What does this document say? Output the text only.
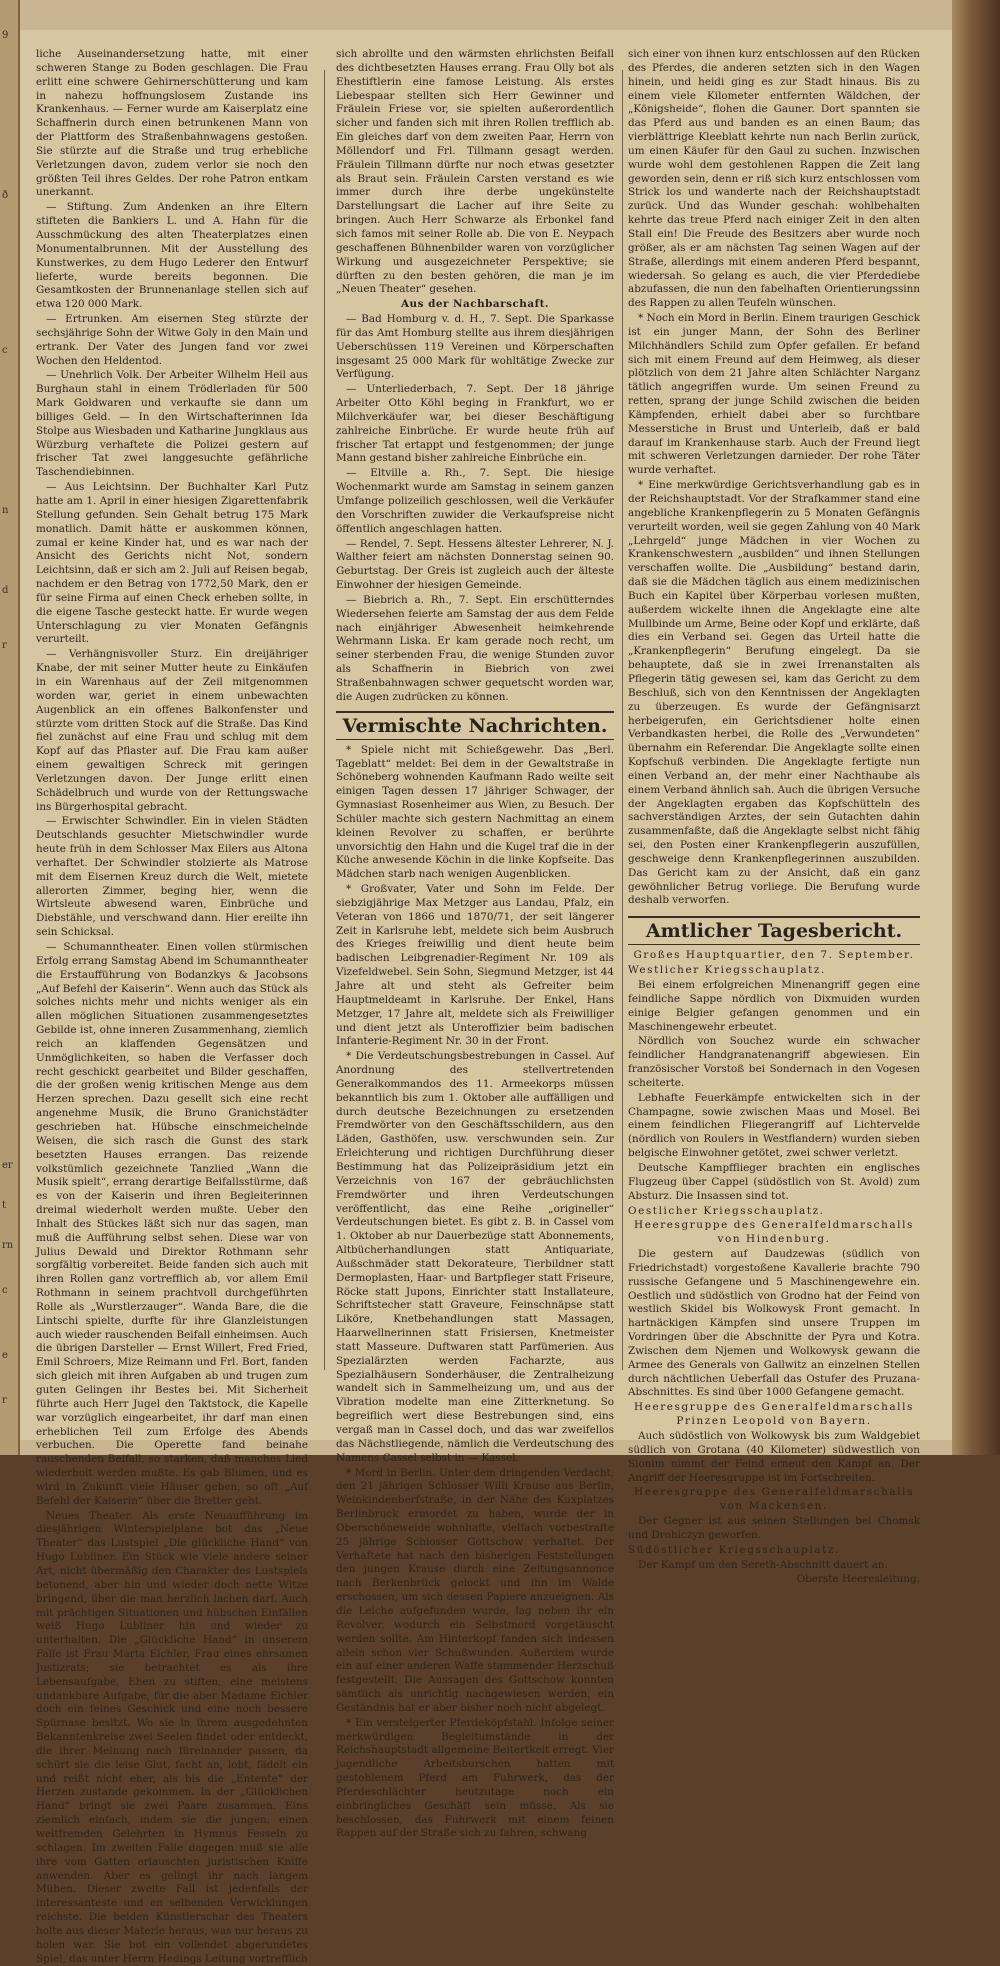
9
ð
c
n
d
r
er
t
rn
c
e
r

liche Auseinandersetzung hatte, mit einer schweren Stange zu Boden geschlagen. Die Frau erlitt eine schwere Gehirnerschütterung und kam in nahezu hoffnungslosem Zustande ins Krankenhaus. — Ferner wurde am Kaiserplatz eine Schaffnerin durch einen betrunkenen Mann von der Plattform des Straßenbahnwagens gestoßen. Sie stürzte auf die Straße und trug erhebliche Verletzungen davon, zudem verlor sie noch den größten Teil ihres Geldes. Der rohe Patron entkam unerkannt.

— Stiftung. Zum Andenken an ihre Eltern stifteten die Bankiers L. und A. Hahn für die Ausschmückung des alten Theaterplatzes einen Monumentalbrunnen. Mit der Ausstellung des Kunstwerkes, zu dem Hugo Lederer den Entwurf lieferte, wurde bereits begonnen. Die Gesamtkosten der Brunnenanlage stellen sich auf etwa 120 000 Mark.

— Ertrunken. Am eisernen Steg stürzte der sechsjährige Sohn der Witwe Goly in den Main und ertrank. Der Vater des Jungen fand vor zwei Wochen den Heldentod.

— Unehrlich Volk. Der Arbeiter Wilhelm Heil aus Burghaun stahl in einem Trödlerladen für 500 Mark Goldwaren und verkaufte sie dann um billiges Geld. — In den Wirtschafterinnen Ida Stolpe aus Wiesbaden und Katharine Jungklaus aus Würzburg verhaftete die Polizei gestern auf frischer Tat zwei langgesuchte gefährliche Taschendiebinnen.

— Aus Leichtsinn. Der Buchhalter Karl Putz hatte am 1. April in einer hiesigen Zigarettenfabrik Stellung gefunden. Sein Gehalt betrug 175 Mark monatlich. Damit hätte er auskommen können, zumal er keine Kinder hat, und es war nach der Ansicht des Gerichts nicht Not, sondern Leichtsinn, daß er sich am 2. Juli auf Reisen begab, nachdem er den Betrag von 1772,50 Mark, den er für seine Firma auf einen Check erheben sollte, in die eigene Tasche gesteckt hatte. Er wurde wegen Unterschlagung zu vier Monaten Gefängnis verurteilt.

— Verhängnisvoller Sturz. Ein dreijähriger Knabe, der mit seiner Mutter heute zu Einkäufen in ein Warenhaus auf der Zeil mitgenommen worden war, geriet in einem unbewachten Augenblick an ein offenes Balkonfenster und stürzte vom dritten Stock auf die Straße. Das Kind fiel zunächst auf eine Frau und schlug mit dem Kopf auf das Pflaster auf. Die Frau kam außer einem gewaltigen Schreck mit geringen Verletzungen davon. Der Junge erlitt einen Schädelbruch und wurde von der Rettungswache ins Bürgerhospital gebracht.

— Erwischter Schwindler. Ein in vielen Städten Deutschlands gesuchter Mietschwindler wurde heute früh in dem Schlosser Max Eilers aus Altona verhaftet. Der Schwindler stolzierte als Matrose mit dem Eisernen Kreuz durch die Welt, mietete allerorten Zimmer, beging hier, wenn die Wirtsleute abwesend waren, Einbrüche und Diebstähle, und verschwand dann. Hier ereilte ihn sein Schicksal.

— Schumanntheater. Einen vollen stürmischen Erfolg errang Samstag Abend im Schumanntheater die Erstaufführung von Bodanzkys & Jacobsons „Auf Befehl der Kaiserin“. Wenn auch das Stück als solches nichts mehr und nichts weniger als ein allen möglichen Situationen zusammengesetztes Gebilde ist, ohne inneren Zusammenhang, ziemlich reich an klaffenden Gegensätzen und Unmöglichkeiten, so haben die Verfasser doch recht geschickt gearbeitet und Bilder geschaffen, die der großen wenig kritischen Menge aus dem Herzen sprechen. Dazu gesellt sich eine recht angenehme Musik, die Bruno Granichstädter geschrieben hat. Hübsche einschmeichelnde Weisen, die sich rasch die Gunst des stark besetzten Hauses errangen. Das reizende volkstümlich gezeichnete Tanzlied „Wann die Musik spielt“, errang derartige Beifallsstürme, daß es von der Kaiserin und ihren Begleiterinnen dreimal wiederholt werden mußte. Ueber den Inhalt des Stückes läßt sich nur das sagen, man muß die Aufführung selbst sehen. Diese war von Julius Dewald und Direktor Rothmann sehr sorgfältig vorbereitet. Beide fanden sich auch mit ihren Rollen ganz vortrefflich ab, vor allem Emil Rothmann in seinem prachtvoll durchgeführten Rolle als „Wurstlerzauger“. Wanda Bare, die die Lintschi spielte, durfte für ihre Glanzleistungen auch wieder rauschenden Beifall einheimsen. Auch die übrigen Darsteller — Ernst Willert, Fred Fried, Emil Schroers, Mize Reimann und Frl. Bort, fanden sich gleich mit ihren Aufgaben ab und trugen zum guten Gelingen ihr Bestes bei. Mit Sicherheit führte auch Herr Jugel den Taktstock, die Kapelle war vorzüglich eingearbeitet, ihr darf man einen erheblichen Teil zum Erfolge des Abends verbuchen. Die Operette fand beinahe rauschenden Beifall, so starken, daß manches Lied wiederholt werden mußte. Es gab Blumen, und es wird in Zukunft viele Häuser geben, so oft „Auf Befehl der Kaiserin“ über die Bretter geht.

Neues Theater. Als erste Neuaufführung im diesjährigen Winterspielplane bot das „Neue Theater“ das Lustspiel „Die glückliche Hand“ von Hugo Lubliner. Ein Stück wie viele andere seiner Art, nicht übermäßig den Charakter des Lustspiels betonend, aber hin und wieder doch nette Witze bringend, über die man herzlich lachen darf. Auch mit prächtigen Situationen und hübschen Einfällen weiß Hugo Lubliner hin und wieder zu unterhalten. Die „Glückliche Hand“ in unserem Falle ist Frau Marta Eichler, Frau eines ehrsamen Justizrats; sie betrachtet es als ihre Lebensaufgabe, Ehen zu stiften, eine meistens undankbare Aufgabe, für die aber Madame Eichler doch ein feines Geschick und eine noch bessere Spürnase besitzt. Wo sie in ihrem ausgedehnten Bekanntenkreise zwei Seelen findet oder entdeckt, die ihrer Meinung nach füreinander passen, da schürt sie die leise Glut, facht an, lobt, fädelt ein und reißt nicht eher, als bis die „Entente“ der Herzen zustande gekommen. In der „Glücklichen Hand“ bringt sie zwei Paare zusammen. Eins ziemlich einfach, indem sie die jungen, einen weltfremden Gelehrten in Hymnus Fesseln zu schlagen. Im zweiten Falle dagegen muß sie alle ihre vom Gatten erlauschten juristischen Kniffe anwenden. Aber es gelingt ihr nach langem Mühen. Dieser zweite Fall ist jedenfalls der interessanteste und en selbenden Verwicklungen reichste. Die beiden Künstlerschar des Theaters holte aus dieser Materie heraus, was nur heraus zu holen war. Sie bot ein vollendet abgerundetes Spiel, das unter Herrn Hedings Leitung vortrefflich

sich abrollte und den wärmsten ehrlichsten Beifall des dichtbesetzten Hauses errang. Frau Olly bot als Ehestiftlerin eine famose Leistung. Als erstes Liebespaar stellten sich Herr Gewinner und Fräulein Friese vor, sie spielten außerordentlich sicher und fanden sich mit ihren Rollen trefflich ab. Ein gleiches darf von dem zweiten Paar, Herrn von Möllendorf und Frl. Tillmann gesagt werden. Fräulein Tillmann dürfte nur noch etwas gesetzter als Braut sein. Fräulein Carsten verstand es wie immer durch ihre derbe ungekünstelte Darstellungsart die Lacher auf ihre Seite zu bringen. Auch Herr Schwarze als Erbonkel fand sich famos mit seiner Rolle ab. Die von E. Neypach geschaffenen Bühnenbilder waren von vorzüglicher Wirkung und ausgezeichneter Perspektive; sie dürften zu den besten gehören, die man je im „Neuen Theater“ gesehen.

Aus der Nachbarschaft.

— Bad Homburg v. d. H., 7. Sept. Die Sparkasse für das Amt Homburg stellte aus ihrem diesjährigen Ueberschüssen 119 Vereinen und Körperschaften insgesamt 25 000 Mark für wohltätige Zwecke zur Verfügung.

— Unterliederbach, 7. Sept. Der 18 jährige Arbeiter Otto Köhl beging in Frankfurt, wo er Milchverkäufer war, bei dieser Beschäftigung zahlreiche Einbrüche. Er wurde heute früh auf frischer Tat ertappt und festgenommen; der junge Mann gestand bisher zahlreiche Einbrüche ein.

— Eltville a. Rh., 7. Sept. Die hiesige Wochenmarkt wurde am Samstag in seinem ganzen Umfange polizeilich geschlossen, weil die Verkäufer den Vorschriften zuwider die Verkaufspreise nicht öffentlich angeschlagen hatten.

— Rendel, 7. Sept. Hessens ältester Lehrerer, N. J. Walther feiert am nächsten Donnerstag seinen 90. Geburtstag. Der Greis ist zugleich auch der älteste Einwohner der hiesigen Gemeinde.

— Biebrich a. Rh., 7. Sept. Ein erschütterndes Wiedersehen feierte am Samstag der aus dem Felde nach einjähriger Abwesenheit heimkehrende Wehrmann Liska. Er kam gerade noch recht, um seiner sterbenden Frau, die wenige Stunden zuvor als Schaffnerin in Biebrich von zwei Straßenbahnwagen schwer gequetscht worden war, die Augen zudrücken zu können.

Vermischte Nachrichten.

* Spiele nicht mit Schießgewehr. Das „Berl. Tageblatt“ meldet: Bei dem in der Gewaltstraße in Schöneberg wohnenden Kaufmann Rado weilte seit einigen Tagen dessen 17 jähriger Schwager, der Gymnasiast Rosenheimer aus Wien, zu Besuch. Der Schüler machte sich gestern Nachmittag an einem kleinen Revolver zu schaffen, er berührte unvorsichtig den Hahn und die Kugel traf die in der Küche anwesende Köchin in die linke Kopfseite. Das Mädchen starb nach wenigen Augenblicken.

* Großvater, Vater und Sohn im Felde. Der siebzigjährige Max Metzger aus Landau, Pfalz, ein Veteran von 1866 und 1870/71, der seit längerer Zeit in Karlsruhe lebt, meldete sich beim Ausbruch des Krieges freiwillig und dient heute beim badischen Leibgrenadier-Regiment Nr. 109 als Vizefeldwebel. Sein Sohn, Siegmund Metzger, ist 44 Jahre alt und steht als Gefreiter beim Hauptmeldeamt in Karlsruhe. Der Enkel, Hans Metzger, 17 Jahre alt, meldete sich als Freiwilliger und dient jetzt als Unteroffizier beim badischen Infanterie-Regiment Nr. 30 in der Front.

* Die Verdeutschungsbestrebungen in Cassel. Auf Anordnung des stellvertretenden Generalkommandos des 11. Armeekorps müssen bekanntlich bis zum 1. Oktober alle auffälligen und durch deutsche Bezeichnungen zu ersetzenden Fremdwörter von den Geschäftsschildern, aus den Läden, Gasthöfen, usw. verschwunden sein. Zur Erleichterung und richtigen Durchführung dieser Bestimmung hat das Polizeipräsidium jetzt ein Verzeichnis von 167 der gebräuchlichsten Fremdwörter und ihren Verdeutschungen veröffentlicht, das eine Reihe „origineller“ Verdeutschungen bietet. Es gibt z. B. in Cassel vom 1. Oktober ab nur Dauerbezüge statt Abonnements, Altbücherhandlungen statt Antiquariate, Außschmäder statt Dekorateure, Tierbildner statt Dermoplasten, Haar- und Bartpfleger statt Friseure, Röcke statt Jupons, Einrichter statt Installateure, Schriftstecher statt Graveure, Feinschnäpse statt Liköre, Knetbehandlungen statt Massagen, Haarwellnerinnen statt Frisiersen, Knetmeister statt Masseure. Duftwaren statt Parfümerien. Aus Spezialärzten werden Facharzte, aus Spezialhäusern Sonderhäuser, die Zentralheizung wandelt sich in Sammelheizung um, und aus der Vibration modelte man eine Zitterknetung. So begreiflich wert diese Bestrebungen sind, eins vergaß man in Cassel doch, und das war zweifellos das Nächstliegende, nämlich die Verdeutschung des Namens Cassel selbst in — Kassel.

* Mord in Berlin. Unter dem dringenden Verdacht, den 21 jährigen Schlosser Willi Krause aus Berlin, Weinkindenberfstraße, in der Nähe des Kuxplatzes Berlinbruck ermordet zu haben, wurde der in Oberschöneweide wohnhafte, vielfach vorbestrafte 25 jährige Schlosser Gottschow verhaftet. Der Verhaftete hat nach den bisherigen Feststellungen den jungen Krause durch eine Zeitungsannonce nach Berkenbrück gelockt und ihn im Walde erschossen, um sich dessen Papiere anzueignen. Als die Leiche aufgefunden wurde, lag neben ihr ein Revolver, wodurch ein Selbstmord vorgetäuscht werden sollte. Am Hinterkopf fanden sich indessen allein schon vier Schußwunden. Außerdem wurde ein auf einer anderen Waffe stammender Herzschuß festgestellt. Die Aussagen des Gottschow konnten sämtlich als unrichtig nachgewiesen werden, ein Geständnis hat er aber bisher noch nicht abgelegt.

* Ein versteigerter Pferdeköpfstahl. Infolge seiner merkwürdigen Begleitumstände in der Reichshauptstadt allgemeine Beitertkeit erregt. Vier jugendliche Arbeitsburschen hatten mit gestohlenem Pferd am Fuhrwerk, das der Pferdeschlächter heutzutage noch ein einbringliches Geschäft sein müsse. Als sie beschlossen, das Fuhrwerk mit einem feinen Rappen auf der Straße sich zu fahren, schwang

sich einer von ihnen kurz entschlossen auf den Rücken des Pferdes, die anderen setzten sich in den Wagen hinein, und heidi ging es zur Stadt hinaus. Bis zu einem viele Kilometer entfernten Wäldchen, der „Königsheide“, flohen die Gauner. Dort spannten sie das Pferd aus und banden es an einen Baum; das vierblättrige Kleeblatt kehrte nun nach Berlin zurück, um einen Käufer für den Gaul zu suchen. Inzwischen wurde wohl dem gestohlenen Rappen die Zeit lang geworden sein, denn er riß sich kurz entschlossen vom Strick los und wanderte nach der Reichshauptstadt zurück. Und das Wunder geschah: wohlbehalten kehrte das treue Pferd nach einiger Zeit in den alten Stall ein! Die Freude des Besitzers aber wurde noch größer, als er am nächsten Tag seinen Wagen auf der Straße, allerdings mit einem anderen Pferd bespannt, wiedersah. So gelang es auch, die vier Pferdediebe abzufassen, die nun den fabelhaften Orientierungssinn des Rappen zu allen Teufeln wünschen.

* Noch ein Mord in Berlin. Einem traurigen Geschick ist ein junger Mann, der Sohn des Berliner Milchhändlers Schild zum Opfer gefallen. Er befand sich mit einem Freund auf dem Heimweg, als dieser plötzlich von dem 21 Jahre alten Schlächter Narganz tätlich angegriffen wurde. Um seinen Freund zu retten, sprang der junge Schild zwischen die beiden Kämpfenden, erhielt dabei aber so furchtbare Messerstiche in Brust und Unterleib, daß er bald darauf im Krankenhause starb. Auch der Freund liegt mit schweren Verletzungen darnieder. Der rohe Täter wurde verhaftet.

* Eine merkwürdige Gerichtsverhandlung gab es in der Reichshauptstadt. Vor der Strafkammer stand eine angebliche Krankenpflegerin zu 5 Monaten Gefängnis verurteilt worden, weil sie gegen Zahlung von 40 Mark „Lehrgeld“ junge Mädchen in vier Wochen zu Krankenschwestern „ausbilden“ und ihnen Stellungen verschaffen wollte. Die „Ausbildung“ bestand darin, daß sie die Mädchen täglich aus einem medizinischen Buch ein Kapitel über Körperbau vorlesen mußten, außerdem wickelte ihnen die Angeklagte eine alte Mullbinde um Arme, Beine oder Kopf und erklärte, daß dies ein Verband sei. Gegen das Urteil hatte die „Krankenpflegerin“ Berufung eingelegt. Da sie behauptete, daß sie in zwei Irrenanstalten als Pflegerin tätig gewesen sei, kam das Gericht zu dem Beschluß, sich von den Kenntnissen der Angeklagten zu überzeugen. Es wurde der Gefängnisarzt herbeigerufen, ein Gerichtsdiener holte einen Verbandkasten herbei, die Rolle des „Verwundeten“ übernahm ein Referendar. Die Angeklagte sollte einen Kopfschuß verbinden. Die Angeklagte fertigte nun einen Verband an, der mehr einer Nachthaube als einem Verband ähnlich sah. Auch die übrigen Versuche der Angeklagten ergaben das Kopfschütteln des sachverständigen Arztes, der sein Gutachten dahin zusammenfaßte, daß die Angeklagte selbst nicht fähig sei, den Posten einer Krankenpflegerin auszufüllen, geschweige denn Krankenpflegerinnen auszubilden. Das Gericht kam zu der Ansicht, daß ein ganz gewöhnlicher Betrug vorliege. Die Berufung wurde deshalb verworfen.

Amtlicher Tagesbericht.

Großes Hauptquartier, den 7. September.

Westlicher Kriegsschauplatz.

Bei einem erfolgreichen Minenangriff gegen eine feindliche Sappe nördlich von Dixmuiden wurden einige Belgier gefangen genommen und ein Maschinengewehr erbeutet.

Nördlich von Souchez wurde ein schwacher feindlicher Handgranatenangriff abgewiesen. Ein französischer Vorstoß bei Sondernach in den Vogesen scheiterte.

Lebhafte Feuerkämpfe entwickelten sich in der Champagne, sowie zwischen Maas und Mosel. Bei einem feindlichen Fliegerangriff auf Lichtervelde (nördlich von Roulers in Westflandern) wurden sieben belgische Einwohner getötet, zwei schwer verletzt.

Deutsche Kampfflieger brachten ein englisches Flugzeug über Cappel (südöstlich von St. Avold) zum Absturz. Die Insassen sind tot.

Oestlicher Kriegsschauplatz.

Heeresgruppe des Generalfeldmarschalls von Hindenburg.

Die gestern auf Daudzewas (südlich von Friedrichstadt) vorgestoßene Kavallerie brachte 790 russische Gefangene und 5 Maschinengewehre ein. Oestlich und südöstlich von Grodno hat der Feind von westlich Skidel bis Wolkowysk Front gemacht. In hartnäckigen Kämpfen sind unsere Truppen im Vordringen über die Abschnitte der Pyra und Kotra. Zwischen dem Njemen und Wolkowysk gewann die Armee des Generals von Gallwitz an einzelnen Stellen durch nächtlichen Ueberfall das Ostufer des Pruzana-Abschnittes. Es sind über 1000 Gefangene gemacht.

Heeresgruppe des Generalfeldmarschalls Prinzen Leopold von Bayern.

Auch südöstlich von Wolkowysk bis zum Waldgebiet südlich von Grotana (40 Kilometer) südwestlich von Slonim nimmt der Feind erneut den Kampf an. Der Angriff der Heeresgruppe ist im Fortschreiten.

Heeresgruppe des Generalfeldmarschalls von Mackensen.

Der Gegner ist aus seinen Stellungen bei Chomsk und Drohiczyn geworfen.

Südöstlicher Kriegsschauplatz.

Der Kampf um den Sereth-Abschnitt dauert an.

Oberste Heeresleitung.
